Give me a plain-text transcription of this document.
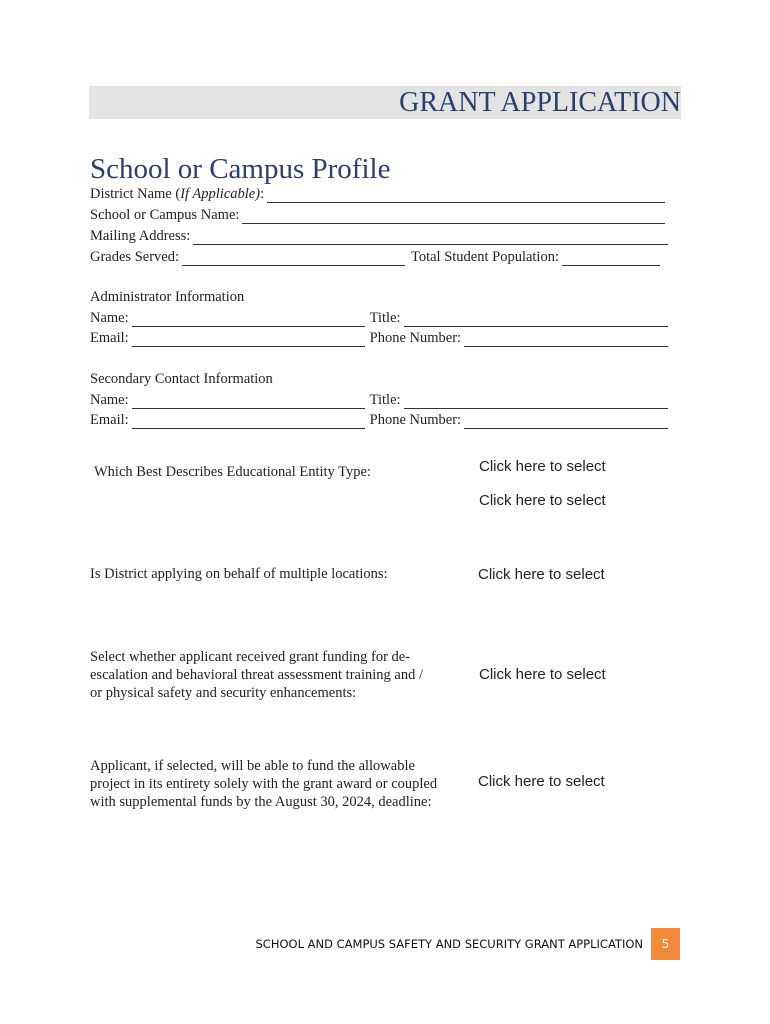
GRANT APPLICATION
School or Campus Profile
District Name (If Applicable):
School or Campus Name:
Mailing Address:
Grades Served:	Total Student Population:
Administrator Information
Name:	Title:
Email:	Phone Number:
Secondary Contact Information
Name:	Title:
Email:	Phone Number:
Which Best Describes Educational Entity Type:	Click here to select
Click here to select
Is District applying on behalf of multiple locations:	Click here to select
Select whether applicant received grant funding for de-escalation and behavioral threat assessment training and / or physical safety and security enhancements:
Click here to select
Applicant, if selected, will be able to fund the allowable project in its entirety solely with the grant award or coupled with supplemental funds by the August 30, 2024, deadline:
Click here to select
SCHOOL AND CAMPUS SAFETY AND SECURITY GRANT APPLICATION	5
